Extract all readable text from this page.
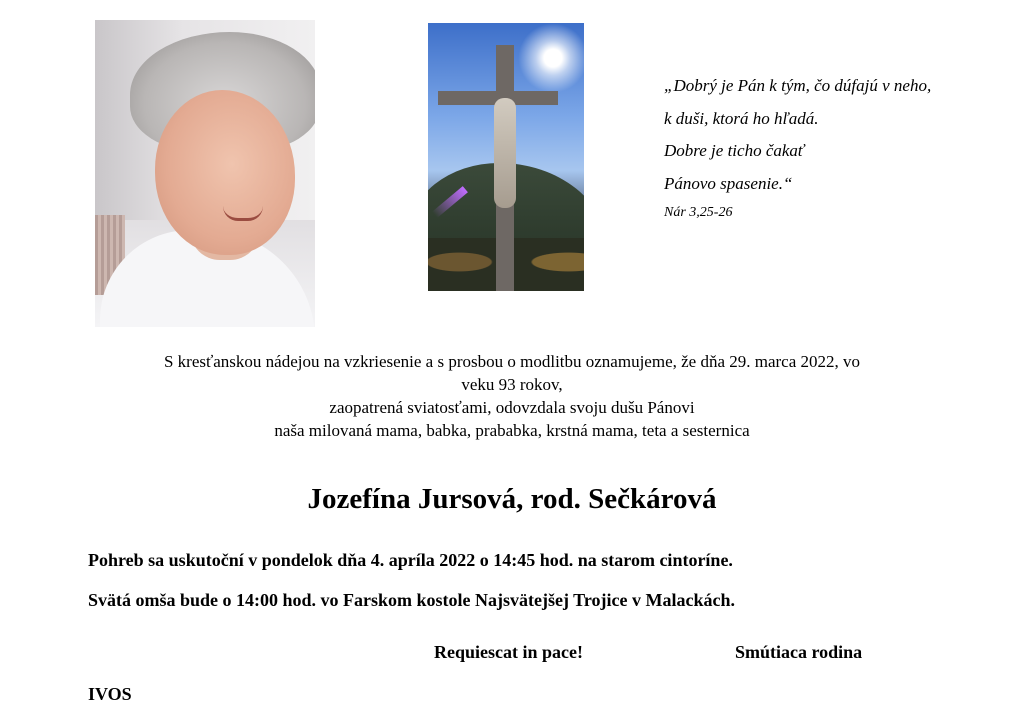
„Dobrý je Pán k tým, čo dúfajú v neho,
k duši, ktorá ho hľadá.
Dobre je ticho čakať
Pánovo spasenie.“
Nár 3,25-26
S kresťanskou nádejou na vzkriesenie a s prosbou o modlitbu oznamujeme, že dňa 29. marca 2022, vo
veku 93 rokov,
zaopatrená sviatosťami, odovzdala svoju dušu Pánovi
naša milovaná mama, babka, prababka, krstná mama, teta a sesternica
Jozefína Jursová, rod. Sečkárová
Pohreb sa uskutoční v pondelok dňa 4. apríla 2022 o 14:45 hod. na starom cintoríne.
Svätá omša bude o 14:00 hod. vo Farskom kostole Najsvätejšej Trojice v Malackách.
Requiescat in pace!	Smútiaca rodina
IVOS
